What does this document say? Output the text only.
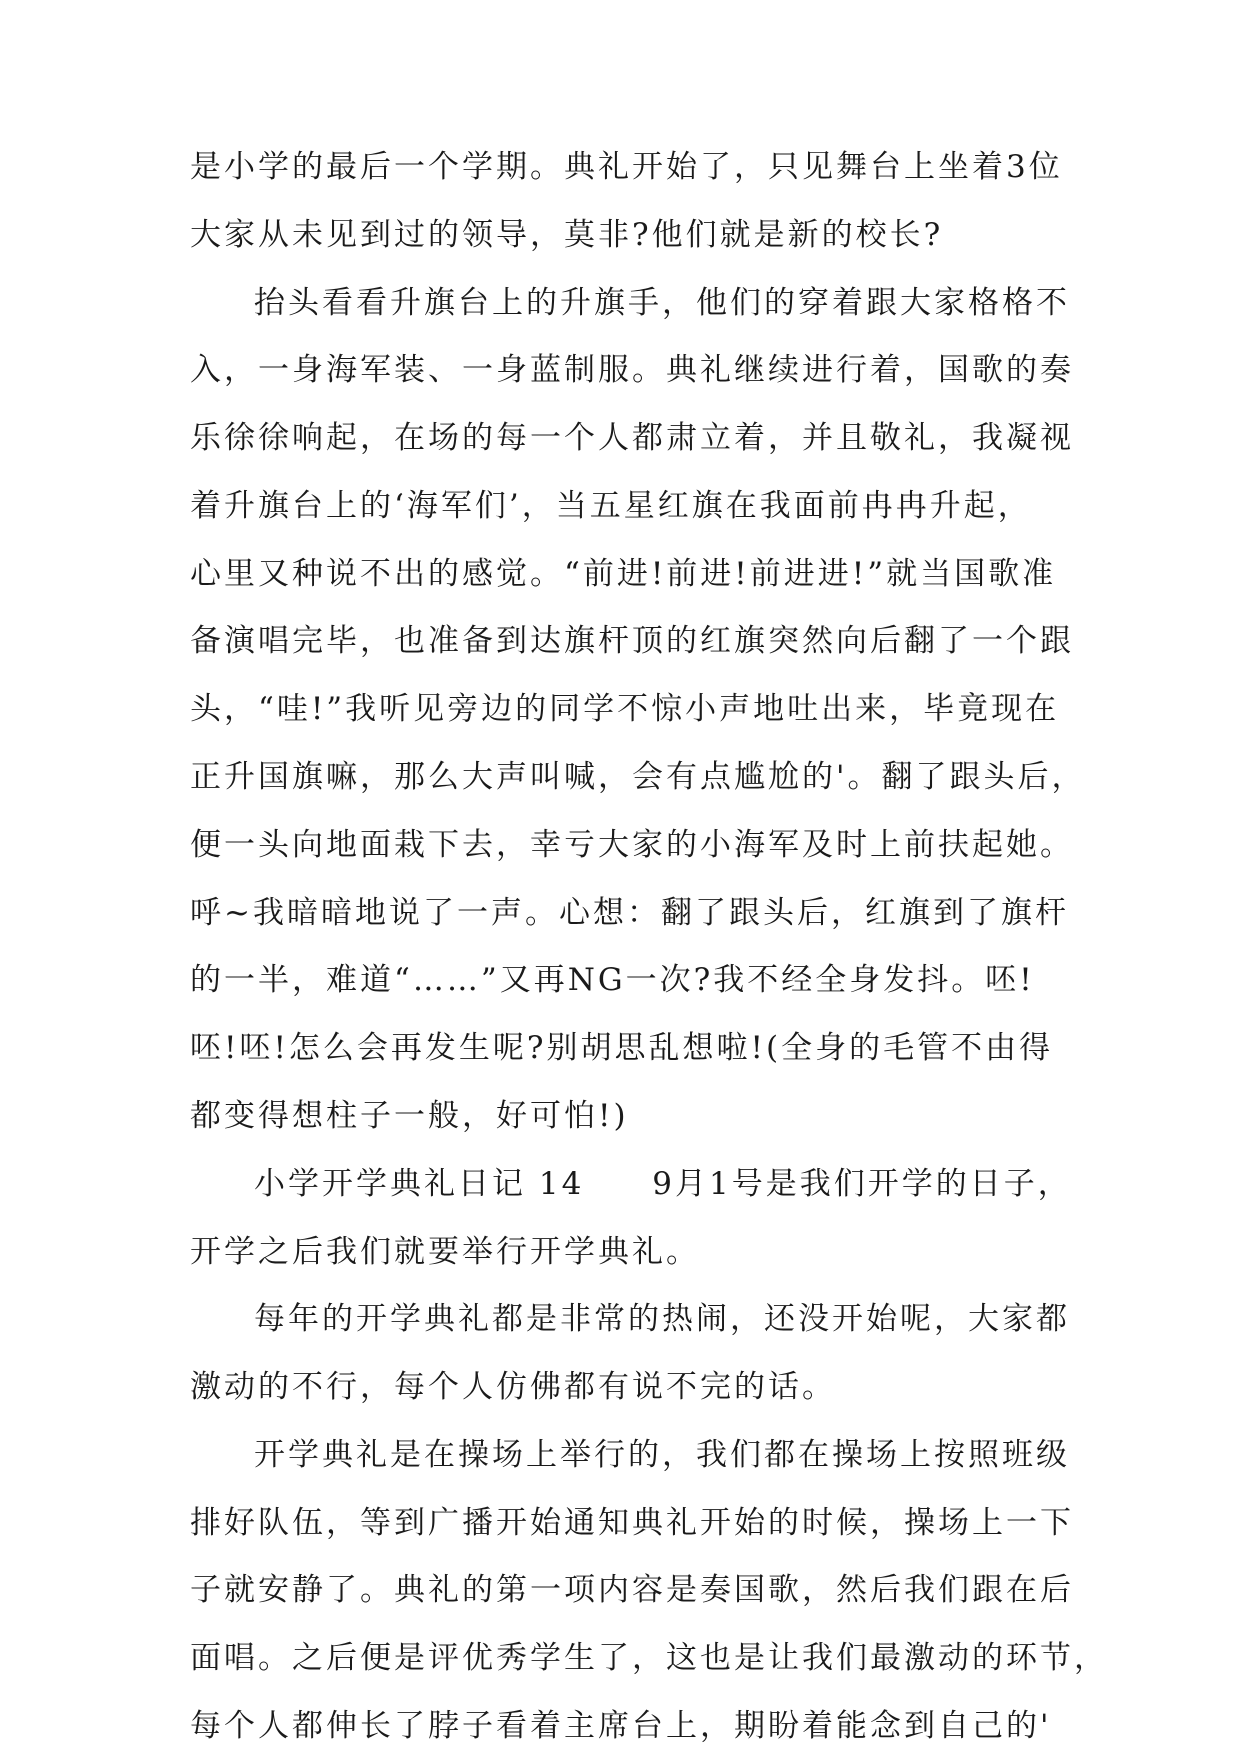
是小学的最后一个学期。典礼开始了，只见舞台上坐着3位
大家从未见到过的领导，莫非?他们就是新的校长?
抬头看看升旗台上的升旗手，他们的穿着跟大家格格不
入，一身海军装、一身蓝制服。典礼继续进行着，国歌的奏
乐徐徐响起，在场的每一个人都肃立着，并且敬礼，我凝视
着升旗台上的‘海军们’，当五星红旗在我面前冉冉升起，
心里又种说不出的感觉。“前进!前进!前进进!”就当国歌准
备演唱完毕，也准备到达旗杆顶的红旗突然向后翻了一个跟
头，“哇!”我听见旁边的同学不惊小声地吐出来，毕竟现在
正升国旗嘛，那么大声叫喊，会有点尴尬的'。翻了跟头后，
便一头向地面栽下去，幸亏大家的小海军及时上前扶起她。
呼~我暗暗地说了一声。心想：翻了跟头后，红旗到了旗杆
的一半，难道“……”又再NG一次?我不经全身发抖。呸!
呸!呸!怎么会再发生呢?别胡思乱想啦!(全身的毛管不由得
都变得想柱子一般，好可怕!)
小学开学典礼日记 14　　9月1号是我们开学的日子，
开学之后我们就要举行开学典礼。
每年的开学典礼都是非常的热闹，还没开始呢，大家都
激动的不行，每个人仿佛都有说不完的话。
开学典礼是在操场上举行的，我们都在操场上按照班级
排好队伍，等到广播开始通知典礼开始的时候，操场上一下
子就安静了。典礼的第一项内容是奏国歌，然后我们跟在后
面唱。之后便是评优秀学生了，这也是让我们最激动的环节，
每个人都伸长了脖子看着主席台上，期盼着能念到自己的'
